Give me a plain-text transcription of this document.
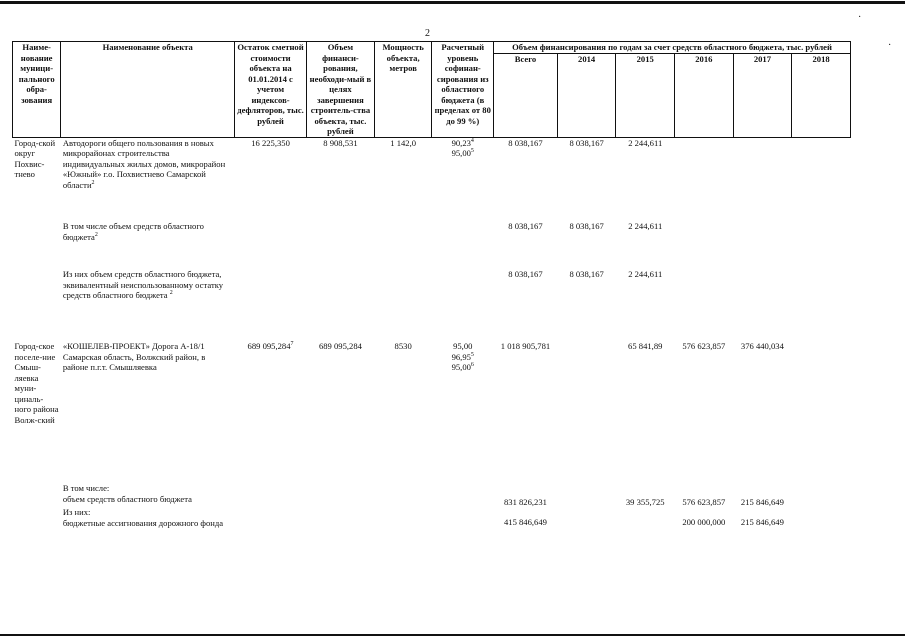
2
·
·
Наиме-нование муници-пального обра-зования	Наименование объекта	Остаток сметной стоимости объекта на 01.01.2014 с учетом индексов-дефляторов, тыс. рублей	Объем финанси-рования, необходи-мый в целях завершения строитель-ства объекта, тыс. рублей	Мощность объекта, метров	Расчетный уровень софинан-сирования из областного бюджета (в пределах от 80 до 99 %)	Объем финансирования по годам за счет средств областного бюджета, тыс. рублей					
						Всего	2014	2015	2016	2017	2018
Город-ской округ Похвис-тнево	Автодороги общего пользования в новых микрорайонах строительства индивидуальных жилых домов, микрорайон «Южный» г.о. Похвистнево Самарской области$^2$	16 225,350	8 908,531	1 142,0	90,23$^4$
95,00$^5$	8 038,167	8 038,167	2 244,611			
	В том числе объем средств областного бюджета$^2$					8 038,167	8 038,167	2 244,611			
	Из них объем средств областного бюджета, эквивалентный неиспользованному остатку средств областного бюджета $^2$					8 038,167	8 038,167	2 244,611			
Город-ское поселе-ние Смыш-ляевка муни-циналь-ного района Волж-ский	«КОШЕЛЕВ-ПРОЕКТ» Дорога А-18/1 Самарская область, Волжский район, в районе п.г.т. Смышляевка	689 095,284$^7$	689 095,284	8530	95,00
96,95$^5$
95,00$^6$	1 018 905,781		65 841,89	576 623,857	376 440,034	

	В том числе:
объем средств областного бюджета					831 826,231		39 355,725	576 623,857	215 846,649	

	Из них:
бюджетные ассигнования дорожного фонда					415 846,649			200 000,000	215 846,649	
